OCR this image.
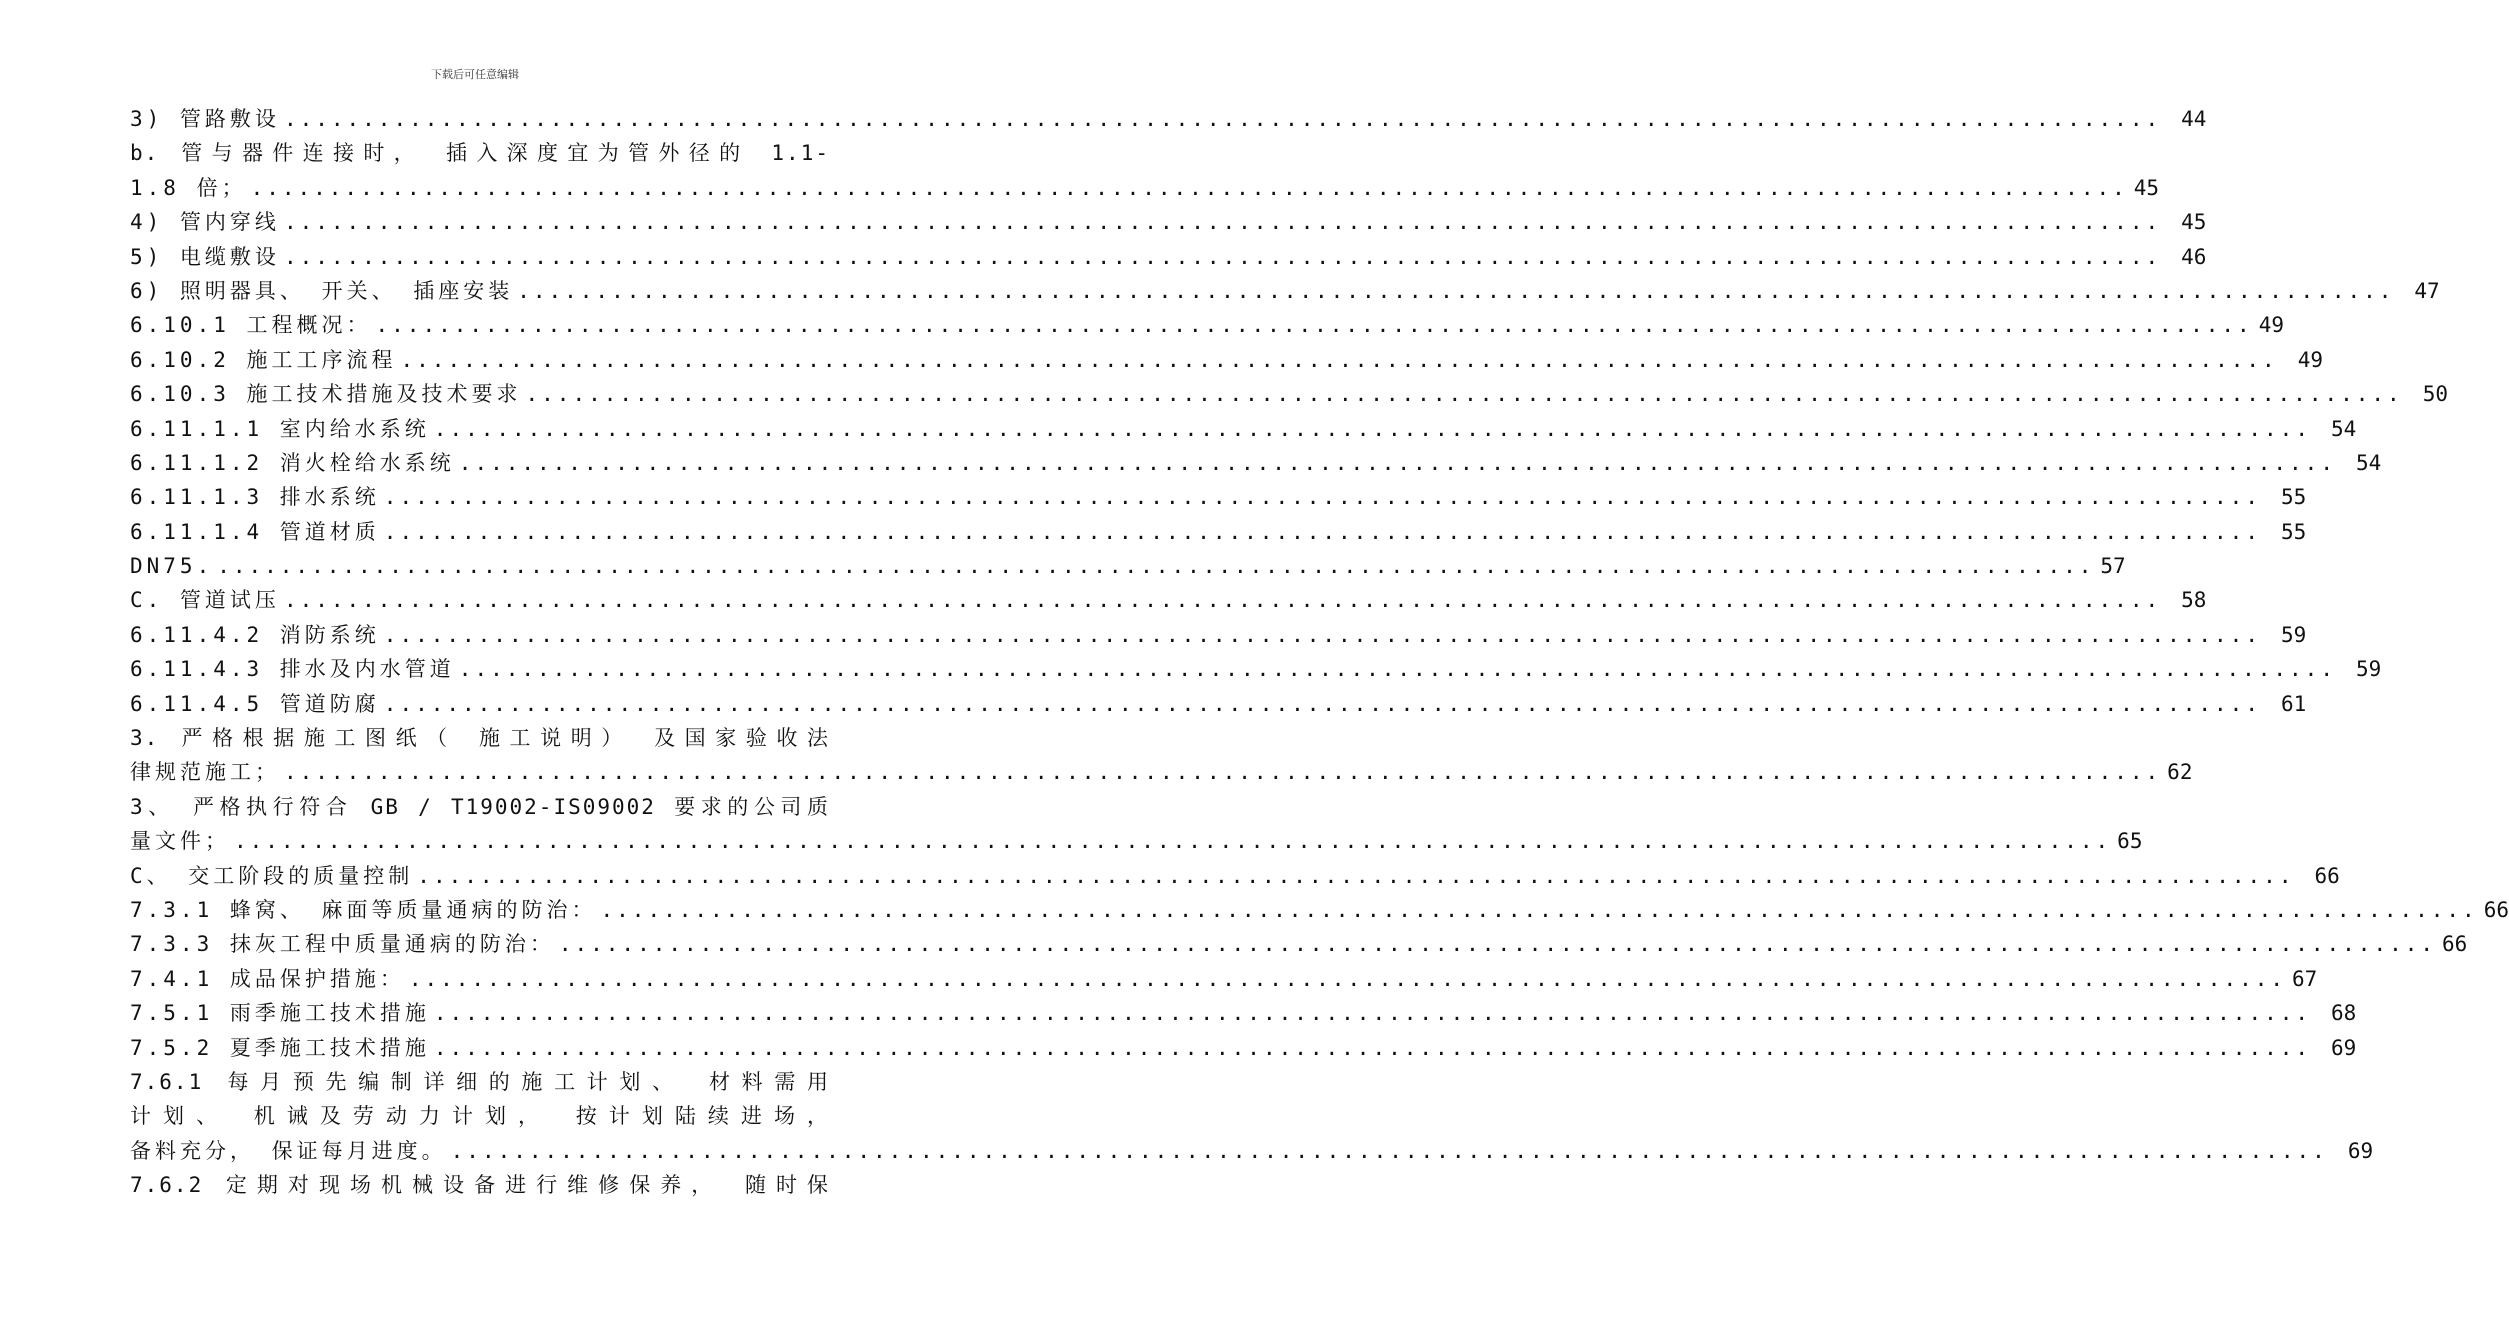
下载后可任意编辑
3) 管路敷设 ........................................................................................................................ 44
b. 管与器件连接时， 插入深度宜为管外径的 1.1-
1.8 倍； ........................................................................................................................ 45
4) 管内穿线 ........................................................................................................................ 45
5) 电缆敷设 ........................................................................................................................ 46
6) 照明器具、 开关、 插座安装 ........................................................................................................................ 47
6.10.1 工程概况： ........................................................................................................................ 49
6.10.2 施工工序流程 ........................................................................................................................ 49
6.10.3 施工技术措施及技术要求 ........................................................................................................................ 50
6.11.1.1 室内给水系统 ........................................................................................................................ 54
6.11.1.2 消火栓给水系统 ........................................................................................................................ 54
6.11.1.3 排水系统 ........................................................................................................................ 55
6.11.1.4 管道材质 ........................................................................................................................ 55
DN75. ........................................................................................................................ 57
C. 管道试压 ........................................................................................................................ 58
6.11.4.2 消防系统 ........................................................................................................................ 59
6.11.4.3 排水及内水管道 ........................................................................................................................ 59
6.11.4.5 管道防腐 ........................................................................................................................ 61
3. 严格根据施工图纸（ 施工说明） 及国家验收法
律规范施工； ........................................................................................................................ 62
3、 严格执行符合 GB / T19002-IS09002 要求的公司质
量文件； ........................................................................................................................ 65
C、 交工阶段的质量控制 ........................................................................................................................ 66
7.3.1 蜂窝、 麻面等质量通病的防治： ........................................................................................................................ 66
7.3.3 抹灰工程中质量通病的防治： ........................................................................................................................ 66
7.4.1 成品保护措施： ........................................................................................................................ 67
7.5.1 雨季施工技术措施 ........................................................................................................................ 68
7.5.2 夏季施工技术措施 ........................................................................................................................ 69
7.6.1 每月预先编制详细的施工计划、 材料需用
计划、 机诫及劳动力计划， 按计划陆续进场，
备料充分， 保证每月进度。 ........................................................................................................................ 69
7.6.2 定期对现场机械设备进行维修保养， 随时保
